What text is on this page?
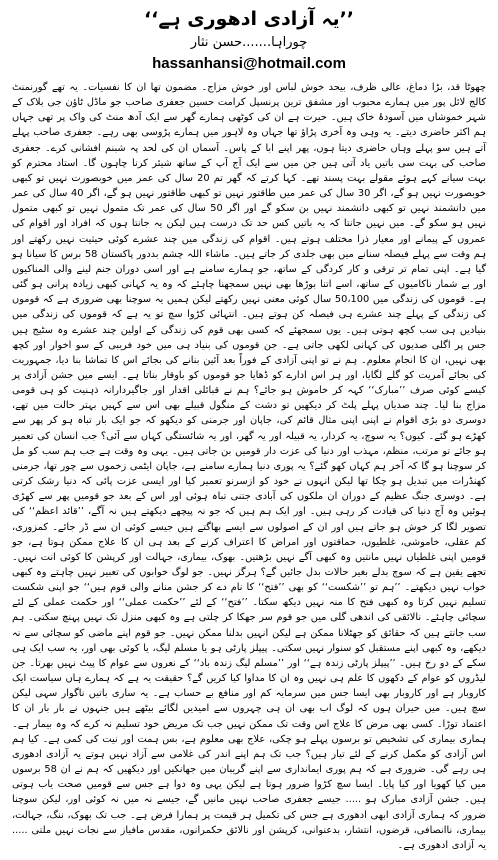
’’یہ آزادی ادھوری ہے‘‘
چوراہا.......حسن نثار
hassanhansi@hotmail.com

چھوٹا قد، بڑا دماغ، عالی ظرف، بیحد خوش لباس اور خوش مزاج۔ مضمون تھا ان کا نفسیات۔ یہ تھے گورنمنٹ کالج لائل پور میں ہمارے محبوب اور مشفق ترین پرنسپل کرامت حسین جعفری صاحب جو ماڈل ٹاؤن جی بلاک کے شہر خموشاں میں آسودۂ خاک ہیں۔ حیرت ہے ان کی کوٹھی ہمارے گھر سے ایک آدھ منٹ کی واک پر تھی جہاں ہم اکثر حاضری دیتے۔ یہ وہی وہ آخری پڑاؤ تھا جہاں وہ لاہور میں ہمارے پڑوسی بھی رہے۔ جعفری صاحب پہلے آتے ہیں سو پہلے وہاں حاضری دیتا ہوں، پھر اپنے ابا کے پاس۔ آسماں ان کی لحد پہ شبنم افشانی کرے۔ جعفری صاحب کی بہت سی باتیں یاد آتی ہیں جن میں سے ایک آج آپ کے ساتھ شیئر کرنا چاہوں گا۔ استاد محترم کو بہت سیانے کہے ہوئے مقولے بہت پسند تھے۔ کہا کرتے کہ گھر تم 20 سال کی عمر میں خوبصورت نہیں تو کبھی خوبصورت نہیں ہو گے، اگر 30 سال کی عمر میں طاقتور نہیں تو کبھی طاقتور نہیں ہو گے، اگر 40 سال کی عمر میں دانشمند نہیں تو کبھی دانشمند نہیں بن سکو گے اور اگر 50 سال کی عمر تک متمول نہیں تو کبھی متمول نہیں ہو سکو گے۔ میں نہیں جانتا کہ یہ باتیں کس حد تک درست ہیں لیکن یہ جانتا ہوں کہ افراد اور اقوام کی عمروں کے پیمانے اور معیار ذرا مختلف ہوتے ہیں۔ اقوام کی زندگی میں چند عشرے کوئی حیثیت نہیں رکھتے اور ہم وقت سے پہلے فیصلہ سنانے میں بھی جلدی کر جاتے ہیں۔ ماشاء اللہ چشم بددور پاکستان 58 برس کا سیانا ہو گیا ہے۔ اپنی تمام تر ترقی و کار کردگی کے ساتھ، جو ہمارے سامنے ہے اور اسی دوران جنم لینے والی المناکیوں اور بے شمار ناکامیوں کے ساتھ، اسے اتنا بوڑھا بھی نہیں سمجھنا چاہئے کہ وہ یہ کہانی کبھی زیادہ پرانی ہو گئی ہے۔ قوموں کی زندگی میں 50،100 سال کوئی معنی نہیں رکھتے لیکن ہمیں یہ سوچنا بھی ضروری ہے کہ قوموں کی زندگی کے پہلے چند عشرے ہی فیصلہ کن ہوتے ہیں۔ انتہائی کڑوا سچ تو یہ ہے کہ قوموں کی زندگی میں بنیادیں ہی سب کچھ ہوتی ہیں۔ یوں سمجھئے کہ کسی بھی قوم کی زندگی کے اولین چند عشرے وہ سٹیج ہیں جس پر اگلی صدیوں کی کہانی لکھی جاتی ہے۔ جن قوموں کی بنیاد ہی میں خود فریبی کے سو اخوار اور کچھ بھی نہیں، ان کا انجام معلوم۔ ہم نے تو اپنی آزادی کے فوراً بعد آئین بنانے کی بجائے اس کا تماشا بنا دیا، جمہوریت کی بجائے آمریت کو گلے لگایا، اور ہر اس ادارے کو ڈھایا جو قوموں کو باوقار بناتا ہے۔ ایسے میں جشن آزادی پر کیسے کوئی صرف ’’مبارک‘‘ کہہ کر خاموش ہو جائے؟ ہم نے قبائلی اقدار اور جاگیردارانہ ذہنیت کو ہی قومی مزاج بنا لیا۔ چند صدیاں پہلے پلٹ کر دیکھیں تو دشت کے منگول قبیلے بھی اس سے کہیں بہتر حالت میں تھے، دوسری دو بڑی اقوام نے اپنی اپنی مثال قائم کی، جاپان اور جرمنی کو دیکھو کہ جو ایک بار تباہ ہو کر پھر سے کھڑے ہو گئے۔ کیوں؟ یہ سوچ، یہ کردار، یہ قبیلہ اور یہ گھر، اور یہ شائستگی کہاں سے آئی؟ جب انسان کی تعمیر ہو جائے تو مرتب، منظم، مہذب اور دنیا کی عزت دار قومیں بن جاتی ہیں۔ یہی وہ وقت ہے جب ہم سب کو مل کر سوچنا ہو گا کہ آخر ہم کہاں کھو گئے؟ یہ پوری دنیا ہمارے سامنے ہے، جاپان ایٹمی زخموں سے چور تھا، جرمنی کھنڈرات میں تبدیل ہو چکا تھا لیکن انہوں نے خود کو ازسرنو تعمیر کیا اور ایسی عزت پائی کہ دنیا رشک کرتی ہے۔ دوسری جنگ عظیم کے دوران ان ملکوں کی آبادی جتنی تباہ ہوئی اور اس کے بعد جو قومیں پھر سے کھڑی ہوئیں وہ آج دنیا کی قیادت کر رہی ہیں۔ اور ایک ہم ہیں کہ جو نہ پیچھے دیکھتے ہیں نہ آگے، ’’قائد اعظم‘‘ کی تصویر لگا کر خوش ہو جاتے ہیں اور ان کے اصولوں سے ایسے بھاگتے ہیں جیسے کوئی ان سے ڈر جائے۔ کمزوری، کم عقلی، خاموشی، غلطیوں، حماقتوں اور امراض کا اعتراف کرنے کے بعد ہی ان کا علاج ممکن ہوتا ہے، جو قومیں اپنی غلطیاں نہیں مانتیں وہ کبھی آگے نہیں بڑھتیں۔ بھوک، بیماری، جہالت اور کرپشن کا کوئی انت نہیں۔ تجھے یقین ہے کہ سوچ بدلے بغیر حالات بدل جائیں گے؟ ہرگز نہیں۔ جو لوگ خوابوں کی تعبیر نہیں چاہتے وہ کبھی خواب نہیں دیکھتے۔ ’’ہم تو ’’شکست‘‘ کو بھی ’’فتح‘‘ کا نام دے کر جشن منانے والی قوم ہیں‘‘ جو اپنی شکست تسلیم نہیں کرتا وہ کبھی فتح کا منہ نہیں دیکھ سکتا۔ ’’فتح‘‘ کے لئے ’’حکمت عملی‘‘ اور حکمت عملی کے لئے سچائی چاہئے۔ نالائقی کی اندھی گلی میں جو قوم سر جھکا کر چلتی ہے وہ کبھی منزل تک نہیں پہنچ سکتی۔ ہم سب جانتے ہیں کہ حقائق کو جھٹلانا ممکن ہے لیکن انہیں بدلنا ممکن نہیں۔ جو قوم اپنے ماضی کو سچائی سے نہ دیکھے، وہ کبھی اپنے مستقبل کو سنوار نہیں سکتی۔ پیپلز پارٹی ہو یا مسلم لیگ، یا کوئی بھی اور، یہ سب ایک ہی سکے کے دو رخ ہیں۔ ’’پیپلز پارٹی زندہ ہے‘‘ اور ’’مسلم لیگ زندہ باد‘‘ کے نعروں سے عوام کا پیٹ نہیں بھرتا۔ جن لیڈروں کو عوام کے دکھوں کا علم ہی نہیں وہ ان کا مداوا کیا کریں گے؟ حقیقت یہ ہے کہ ہمارے ہاں سیاست ایک کاروبار ہے اور کاروبار بھی ایسا جس میں سرمایہ کم اور منافع بے حساب ہے۔ یہ ساری باتیں ناگوار سہی لیکن سچ ہیں۔ میں حیران ہوں کہ لوگ اب بھی ان ہی چہروں سے امیدیں لگائے بیٹھے ہیں جنہوں نے بار بار ان کا اعتماد توڑا۔ کسی بھی مرض کا علاج اس وقت تک ممکن نہیں جب تک مریض خود تسلیم نہ کرے کہ وہ بیمار ہے۔ ہماری بیماری کی تشخیص تو برسوں پہلے ہو چکی، علاج بھی معلوم ہے، بس ہمت اور نیت کی کمی ہے۔ کیا ہم اس آزادی کو مکمل کرنے کے لئے تیار ہیں؟ جب تک ہم اپنے اندر کی غلامی سے آزاد نہیں ہوتے یہ آزادی ادھوری ہی رہے گی۔ ضروری ہے کہ ہم پوری ایمانداری سے اپنے گریبان میں جھانکیں اور دیکھیں کہ ہم نے ان 58 برسوں میں کیا کھویا اور کیا پایا۔ ایسا سچ کڑوا ضرور ہوتا ہے لیکن یہی وہ دوا ہے جس سے قومیں صحت یاب ہوتی ہیں۔ جشن آزادی مبارک ہو ..... جیسے جعفری صاحب نہیں مانیں گے، جیسے نہ میں نہ کوئی اور، لیکن سوچنا ضرور کہ ہماری آزادی ابھی ادھوری ہے جس کی تکمیل ہر قیمت پر ہمارا فرض ہے۔ جب تک بھوک، ننگ، جہالت، بیماری، ناانصافی، قرضوں، انتشار، بدعنوانی، کرپشن اور نالائق حکمرانوں، مقدس مافیاز سے نجات نہیں ملتی ..... یہ آزادی ادھوری ہے۔
